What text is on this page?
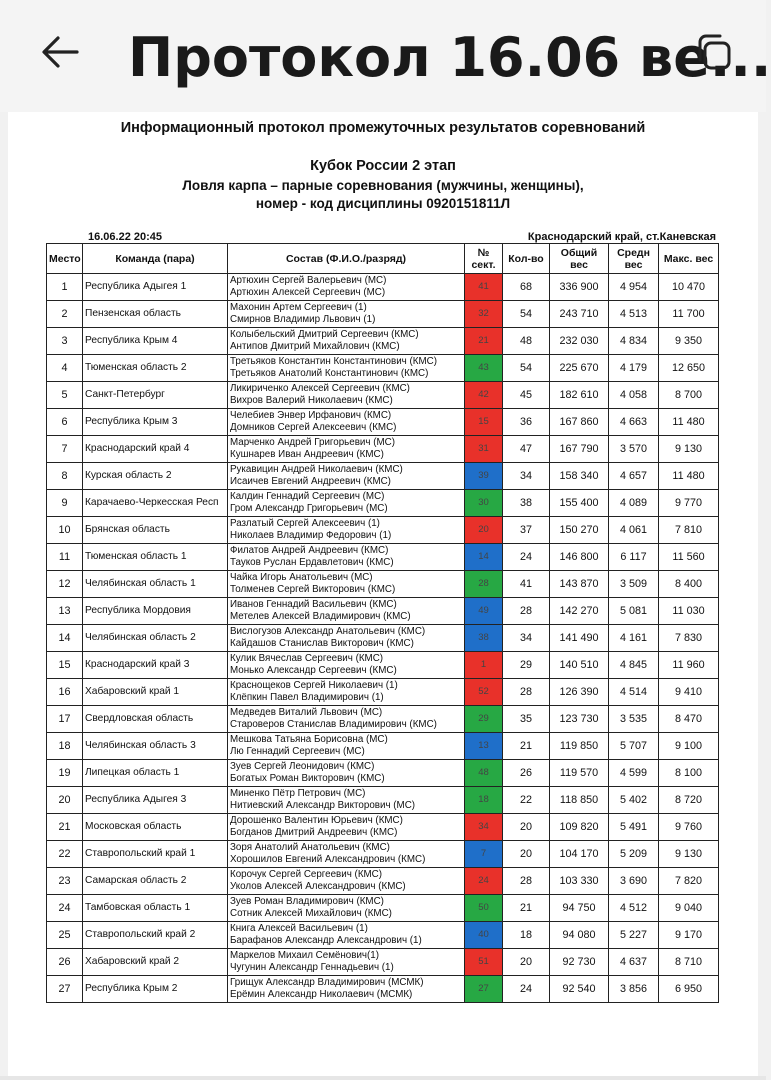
Протокол 16.06 ве...
Информационный протокол промежуточных результатов соревнований
Кубок России 2 этап
Ловля карпа – парные соревнования (мужчины, женщины),
номер - код дисциплины 0920151811Л
16.06.22 20:45	Краснодарский край, ст.Каневская
Место	Команда (пара)	Состав (Ф.И.О./разряд)	№ сект.	Кол-во	Общий вес	Средн вес	Макс. вес
1	Республика Адыгея 1	Артюхин Сергей Валерьевич (МС)
Артюхин Алексей Сергеевич (МС)	41	68	336 900	4 954	10 470
2	Пензенская область	Махонин Артем Сергеевич (1)
Смирнов Владимир Львович (1)	32	54	243 710	4 513	11 700
3	Республика Крым 4	Колыбельский Дмитрий Сергеевич (КМС)
Антипов Дмитрий Михайлович (КМС)	21	48	232 030	4 834	9 350
4	Тюменская область 2	Третьяков Константин Константинович (КМС)
Третьяков Анатолий Константинович (КМС)	43	54	225 670	4 179	12 650
5	Санкт-Петербург	Ликириченко Алексей Сергеевич (КМС)
Вихров Валерий Николаевич (КМС)	42	45	182 610	4 058	8 700
6	Республика Крым 3	Челебиев Энвер Ирфанович (КМС)
Домников Сергей Алексеевич (КМС)	15	36	167 860	4 663	11 480
7	Краснодарский край 4	Марченко Андрей Григорьевич (МС)
Кушнарев Иван Андреевич (КМС)	31	47	167 790	3 570	9 130
8	Курская область 2	Рукавицин Андрей Николаевич (КМС)
Исаичев Евгений Андреевич (КМС)	39	34	158 340	4 657	11 480
9	Карачаево-Черкесская Респ	Калдин Геннадий Сергеевич (МС)
Гром Александр Григорьевич (МС)	30	38	155 400	4 089	9 770
10	Брянская область	Разлатый Сергей Алексеевич (1)
Николаев Владимир Федорович (1)	20	37	150 270	4 061	7 810
11	Тюменская область 1	Филатов Андрей Андреевич (КМС)
Тауков Руслан Ердавлетович (КМС)	14	24	146 800	6 117	11 560
12	Челябинская область 1	Чайка Игорь Анатольевич (МС)
Толменев Сергей Викторович (КМС)	28	41	143 870	3 509	8 400
13	Республика Мордовия	Иванов Геннадий Васильевич (КМС)
Метелев Алексей Владимирович (КМС)	49	28	142 270	5 081	11 030
14	Челябинская область 2	Вислогузов Александр Анатольевич (КМС)
Кайдашов Станислав Викторович (КМС)	38	34	141 490	4 161	7 830
15	Краснодарский край 3	Кулик Вячеслав Сергеевич (КМС)
Монько Александр Сергеевич (КМС)	1	29	140 510	4 845	11 960
16	Хабаровский край 1	Краснощеков Сергей Николаевич (1)
Клёпкин Павел Владимирович (1)	52	28	126 390	4 514	9 410
17	Свердловская область	Медведев Виталий Львович (МС)
Староверов Станислав Владимирович (КМС)	29	35	123 730	3 535	8 470
18	Челябинская область 3	Мешкова Татьяна Борисовна (МС)
Лю Геннадий Сергеевич (МС)	13	21	119 850	5 707	9 100
19	Липецкая область 1	Зуев Сергей Леонидович (КМС)
Богатых Роман Викторович (КМС)	48	26	119 570	4 599	8 100
20	Республика Адыгея 3	Миненко Пётр Петрович (МС)
Нитиевский Александр Викторович (МС)	18	22	118 850	5 402	8 720
21	Московская область	Дорошенко Валентин Юрьевич (КМС)
Богданов Дмитрий Андреевич (КМС)	34	20	109 820	5 491	9 760
22	Ставропольский край 1	Зоря Анатолий Анатольевич (КМС)
Хорошилов Евгений Александрович (КМС)	7	20	104 170	5 209	9 130
23	Самарская область 2	Корочук Сергей Сергеевич (КМС)
Уколов Алексей Александрович (КМС)	24	28	103 330	3 690	7 820
24	Тамбовская область 1	Зуев Роман Владимирович (КМС)
Сотник Алексей Михайлович (КМС)	50	21	94 750	4 512	9 040
25	Ставропольский край 2	Книга Алексей Васильевич (1)
Барафанов Александр Александрович (1)	40	18	94 080	5 227	9 170
26	Хабаровский край 2	Маркелов Михаил Семёнович(1)
Чугунин Александр Геннадьевич (1)	51	20	92 730	4 637	8 710
27	Республика Крым 2	Грищук Александр Владимирович (МСМК)
Ерёмин Александр Николаевич (МСМК)	27	24	92 540	3 856	6 950
